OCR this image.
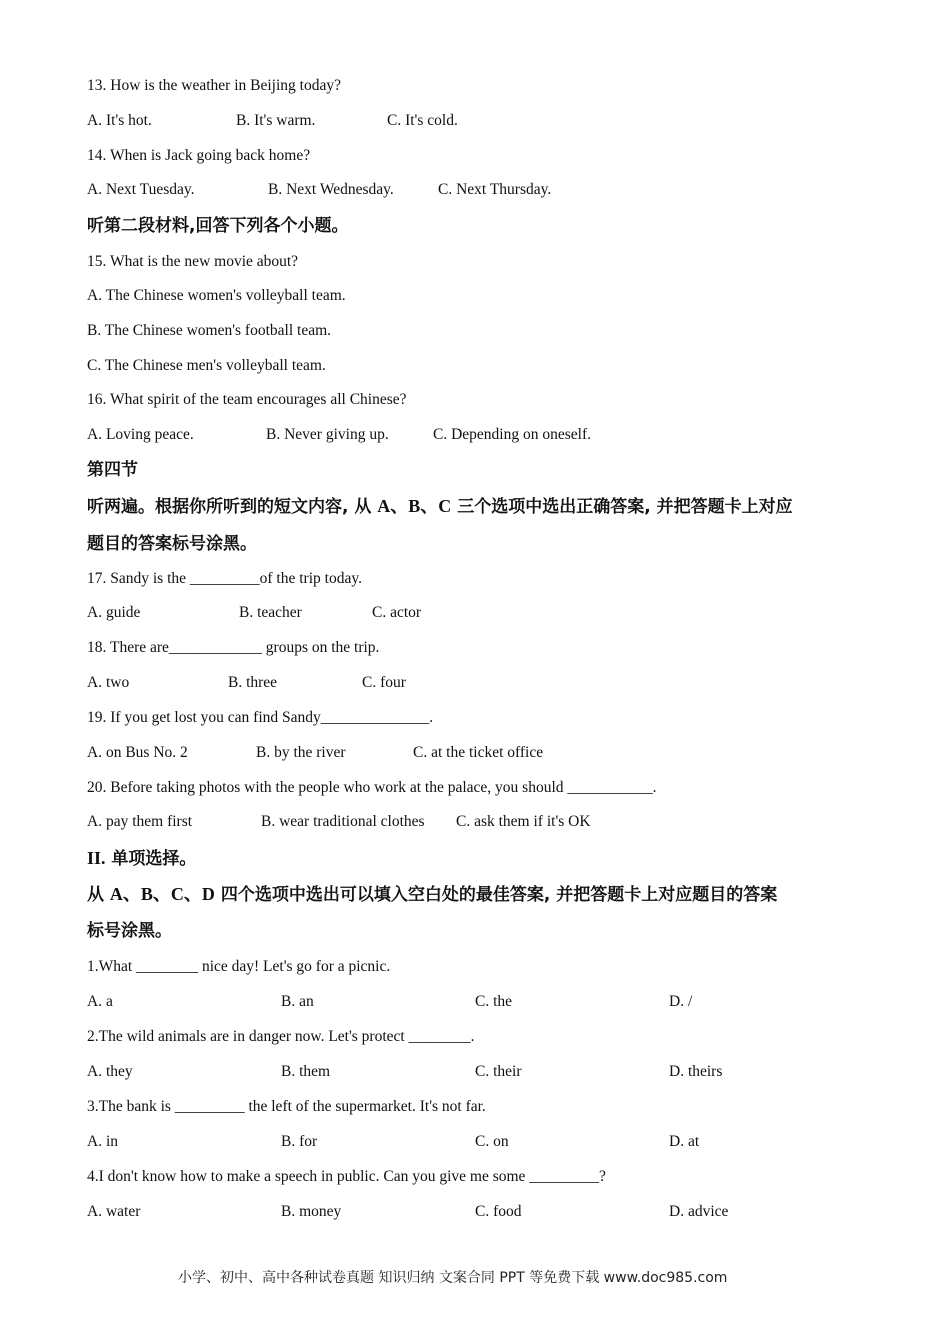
13. How is the weather in Beijing today?
A. It's hot.	B. It's warm.	C. It's cold.
14. When is Jack going back home?
A. Next Tuesday.	B. Next Wednesday.	C. Next Thursday.
听第二段材料,回答下列各个小题。
15. What is the new movie about?
A. The Chinese women's volleyball team.
B. The Chinese women's football team.
C. The Chinese men's volleyball team.
16. What spirit of the team encourages all Chinese?
A. Loving peace.	B. Never giving up.	C. Depending on oneself.
第四节
听两遍。根据你所听到的短文内容, 从 A、B、C 三个选项中选出正确答案, 并把答题卡上对应
题目的答案标号涂黑。
17. Sandy is the _________of the trip today.
A. guide	B. teacher	C. actor
18. There are____________ groups on the trip.
A. two	B. three	C. four
19. If you get lost you can find Sandy______________.
A. on Bus No. 2	B. by the river	C. at the ticket office
20. Before taking photos with the people who work at the palace, you should ___________.
A. pay them first	B. wear traditional clothes C. ask them if it's OK
II. 单项选择。
从 A、B、C、D 四个选项中选出可以填入空白处的最佳答案, 并把答题卡上对应题目的答案
标号涂黑。
1.What ________ nice day! Let's go for a picnic.
A. a	B. an	C. the	D. /
2.The wild animals are in danger now. Let's protect ________.
A. they	B. them	C. their	D. theirs
3.The bank is _________ the left of the supermarket. It's not far.
A. in	B. for	C. on	D. at
4.I don't know how to make a speech in public. Can you give me some _________?
A. water	B. money	C. food	D. advice
小学、初中、高中各种试卷真题 知识归纳 文案合同 PPT 等免费下载 www.doc985.com
